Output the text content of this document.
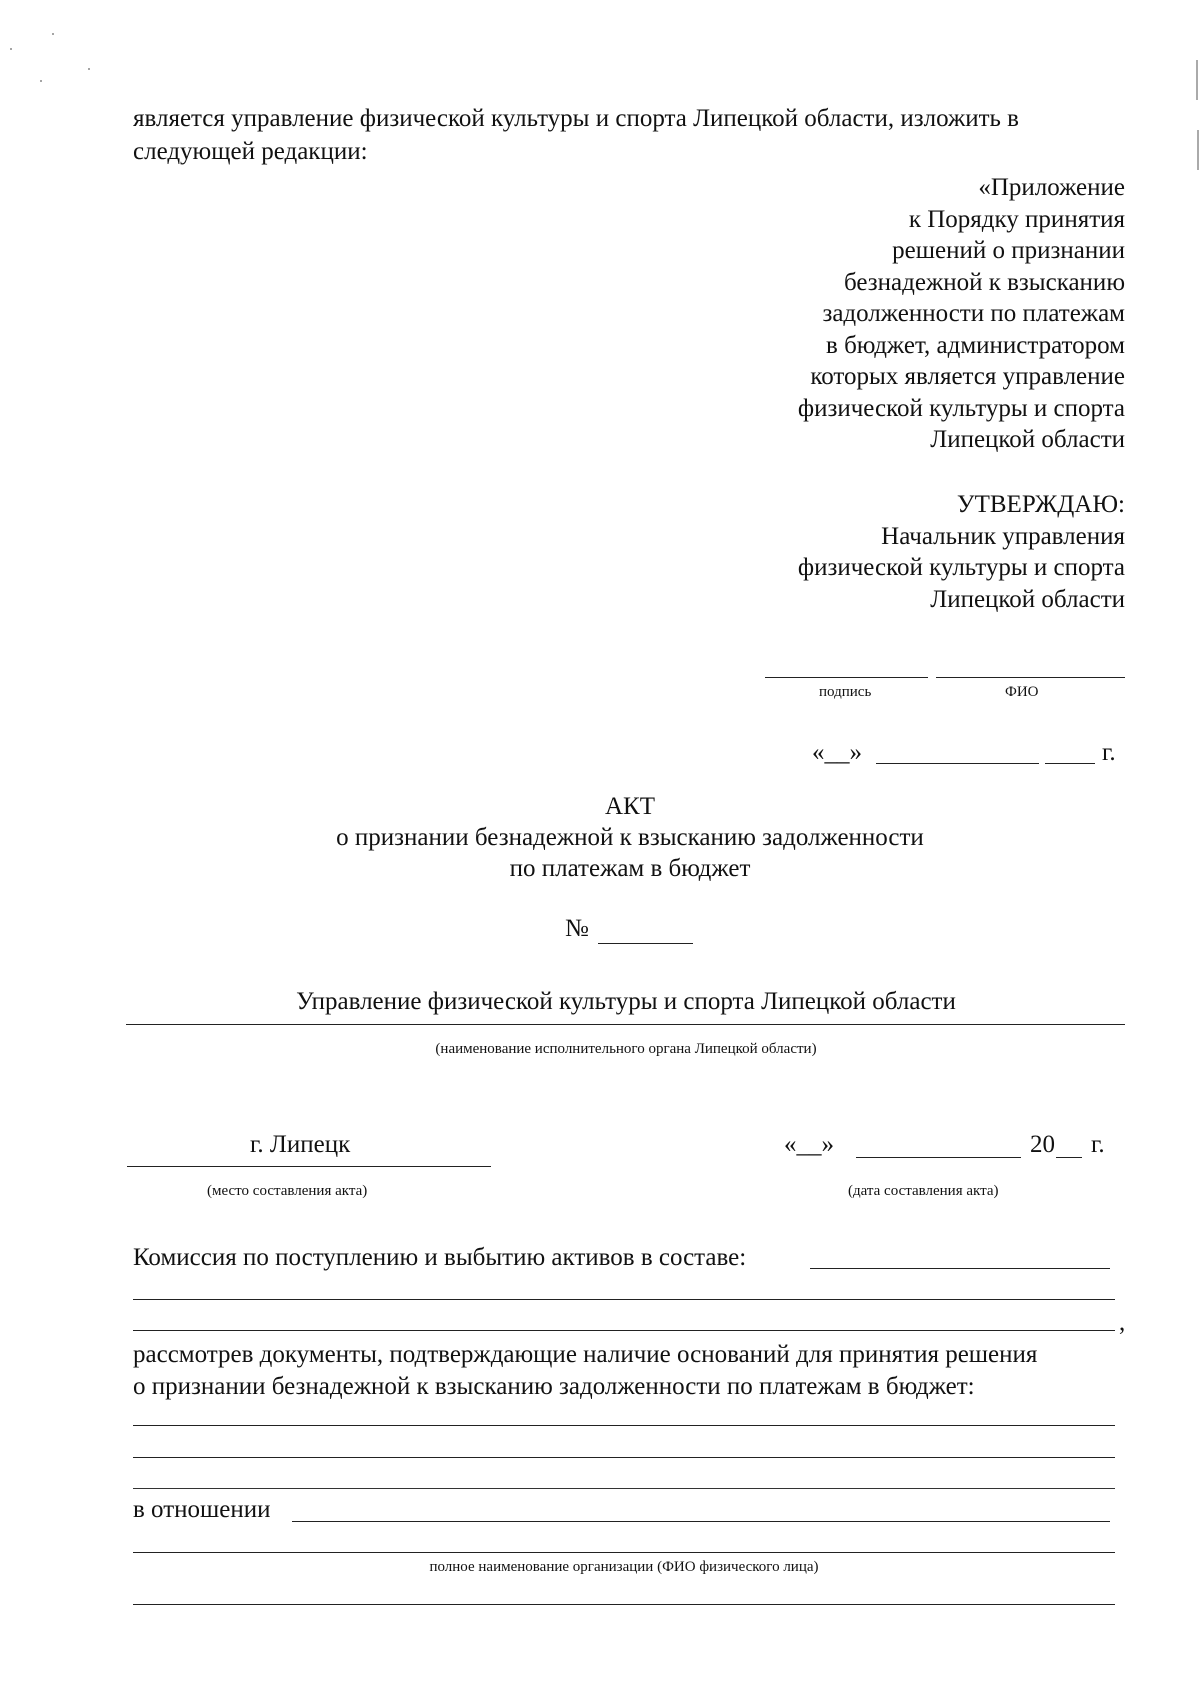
является управление физической культуры и спорта Липецкой области, изложить в
следующей редакции:
«Приложение
к Порядку принятия
решений о признании
безнадежной к взысканию
задолженности по платежам
в бюджет, администратором
которых является управление
физической культуры и спорта
Липецкой области
УТВЕРЖДАЮ:
Начальник управления
физической культуры и спорта
Липецкой области
подпись	ФИО
«__»	г.
АКТ
о признании безнадежной к взысканию задолженности
по платежам в бюджет
№
Управление физической культуры и спорта Липецкой области
(наименование исполнительного органа Липецкой области)
г. Липецк
(место составления акта)
«__»	20 г.
(дата составления акта)
Комиссия по поступлению и выбытию активов в составе:
,
рассмотрев документы, подтверждающие наличие оснований для принятия решения
о признании безнадежной к взысканию задолженности по платежам в бюджет:
в отношении
полное наименование организации (ФИО физического лица)
